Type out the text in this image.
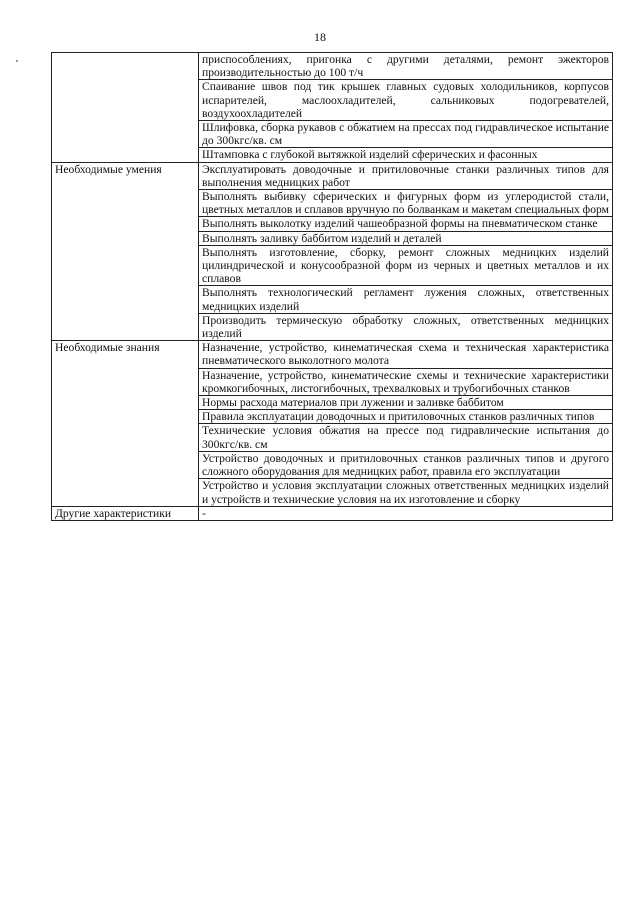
18
	приспособлениях, пригонка с другими деталями, ремонт эжекторов производительностью до 100 т/ч
	Спаивание швов под тик крышек главных судовых холодильников, корпусов испарителей, маслоохладителей, сальниковых подогревателей, воздухоохладителей
	Шлифовка, сборка рукавов с обжатием на прессах под гидравлическое испытание до 300кгс/кв. см
	Штамповка с глубокой вытяжкой изделий сферических и фасонных
Необходимые умения	Эксплуатировать доводочные и притиловочные станки различных типов для выполнения медницких работ
	Выполнять выбивку сферических и фигурных форм из углеродистой стали, цветных металлов и сплавов вручную по болванкам и макетам специальных форм
	Выполнять выколотку изделий чашеобразной формы на пневматическом станке
	Выполнять заливку баббитом изделий и деталей
	Выполнять изготовление, сборку, ремонт сложных медницких изделий цилиндрической и конусообразной форм из черных и цветных металлов и их сплавов
	Выполнять технологический регламент лужения сложных, ответственных медницких изделий
	Производить термическую обработку сложных, ответственных медницких изделий
Необходимые знания	Назначение, устройство, кинематическая схема и техническая характеристика пневматического выколотного молота
	Назначение, устройство, кинематические схемы и технические характеристики кромкогибочных, листогибочных, трехвалковых и трубогибочных станков
	Нормы расхода материалов при лужении и заливке баббитом
	Правила эксплуатации доводочных и притиловочных станков различных типов
	Технические условия обжатия на прессе под гидравлические испытания до 300кгс/кв. см
	Устройство доводочных и притиловочных станков различных типов и другого сложного оборудования для медницких работ, правила его эксплуатации
	Устройство и условия эксплуатации сложных ответственных медницких изделий и устройств и технические условия на их изготовление и сборку
Другие характеристики	-
